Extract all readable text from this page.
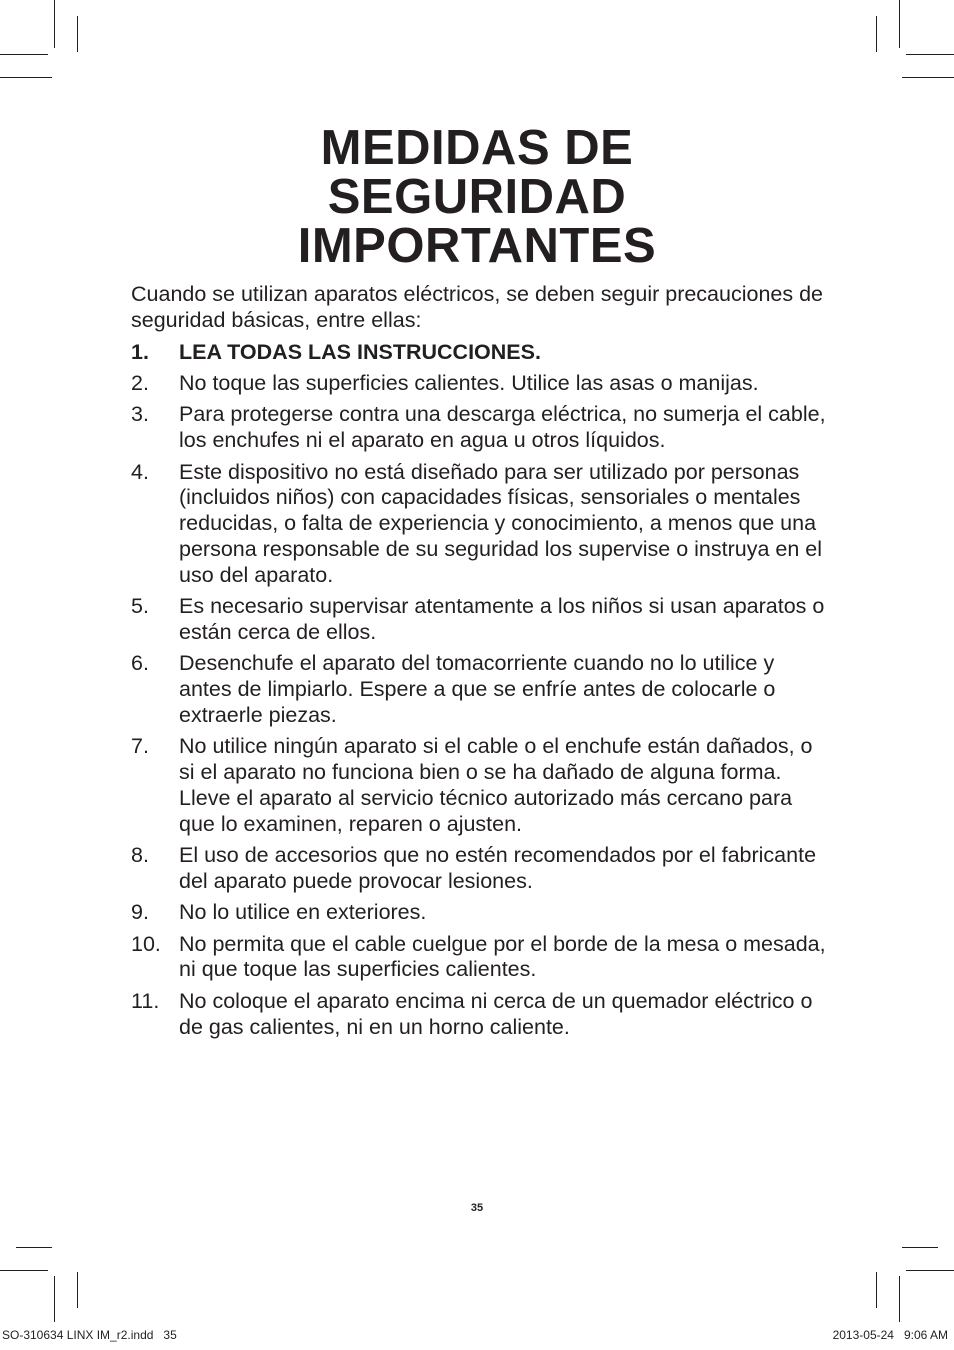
MEDIDAS DE
SEGURIDAD
IMPORTANTES

Cuando se utilizan aparatos eléctricos, se deben seguir precauciones de seguridad básicas, entre ellas:

1. LEA TODAS LAS INSTRUCCIONES.
2. No toque las superficies calientes. Utilice las asas o manijas.
3. Para protegerse contra una descarga eléctrica, no sumerja el cable, los enchufes ni el aparato en agua u otros líquidos.
4. Este dispositivo no está diseñado para ser utilizado por personas (incluidos niños) con capacidades físicas, sensoriales o mentales reducidas, o falta de experiencia y conocimiento, a menos que una persona responsable de su seguridad los supervise o instruya en el uso del aparato.
5. Es necesario supervisar atentamente a los niños si usan aparatos o están cerca de ellos.
6. Desenchufe el aparato del tomacorriente cuando no lo utilice y antes de limpiarlo. Espere a que se enfríe antes de colocarle o extraerle piezas.
7. No utilice ningún aparato si el cable o el enchufe están dañados, o si el aparato no funciona bien o se ha dañado de alguna forma. Lleve el aparato al servicio técnico autorizado más cercano para que lo examinen, reparen o ajusten.
8. El uso de accesorios que no estén recomendados por el fabricante del aparato puede provocar lesiones.
9. No lo utilice en exteriores.
10. No permita que el cable cuelgue por el borde de la mesa o mesada, ni que toque las superficies calientes.
11. No coloque el aparato encima ni cerca de un quemador eléctrico o de gas calientes, ni en un horno caliente.
35
SO-310634 LINX IM_r2.indd   35	2013-05-24   9:06 AM
